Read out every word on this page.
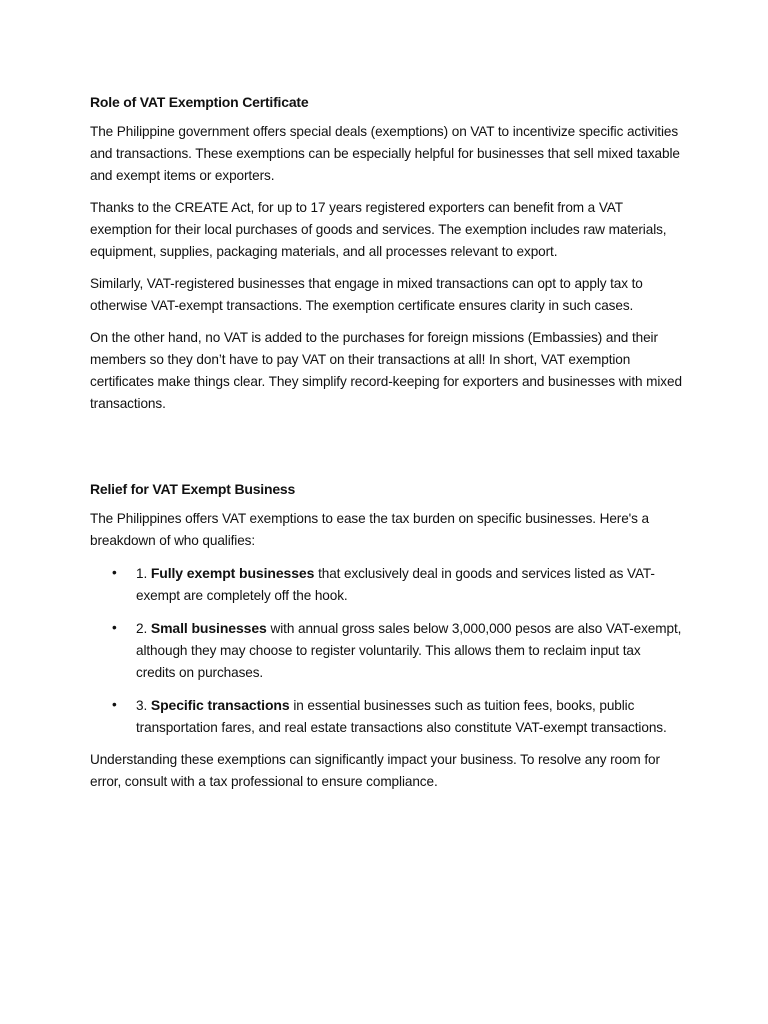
Role of VAT Exemption Certificate

The Philippine government offers special deals (exemptions) on VAT to incentivize specific activities and transactions. These exemptions can be especially helpful for businesses that sell mixed taxable and exempt items or exporters.

Thanks to the CREATE Act, for up to 17 years registered exporters can benefit from a VAT exemption for their local purchases of goods and services. The exemption includes raw materials, equipment, supplies, packaging materials, and all processes relevant to export.

Similarly, VAT-registered businesses that engage in mixed transactions can opt to apply tax to otherwise VAT-exempt transactions. The exemption certificate ensures clarity in such cases.

On the other hand, no VAT is added to the purchases for foreign missions (Embassies) and their members so they don’t have to pay VAT on their transactions at all! In short, VAT exemption certificates make things clear. They simplify record-keeping for exporters and businesses with mixed transactions.

Relief for VAT Exempt Business

The Philippines offers VAT exemptions to ease the tax burden on specific businesses. Here's a breakdown of who qualifies:

• 1. Fully exempt businesses that exclusively deal in goods and services listed as VAT-exempt are completely off the hook.
• 2. Small businesses with annual gross sales below 3,000,000 pesos are also VAT-exempt, although they may choose to register voluntarily. This allows them to reclaim input tax credits on purchases.
• 3. Specific transactions in essential businesses such as tuition fees, books, public transportation fares, and real estate transactions also constitute VAT-exempt transactions.

Understanding these exemptions can significantly impact your business. To resolve any room for error, consult with a tax professional to ensure compliance.
